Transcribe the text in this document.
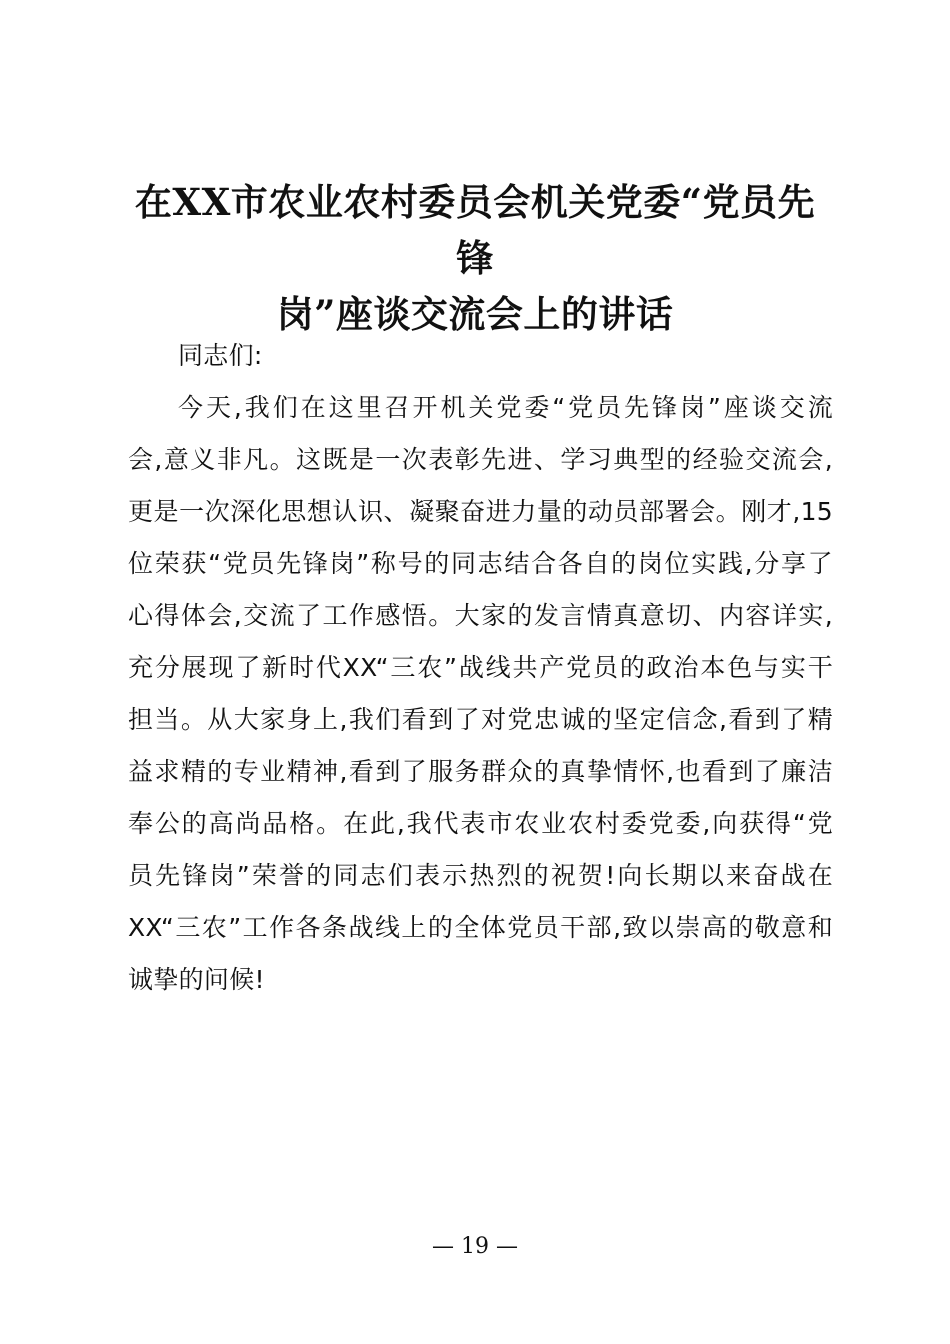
在XX市农业农村委员会机关党委“党员先锋
岗”座谈交流会上的讲话

同志们:

今天,我们在这里召开机关党委“党员先锋岗”座谈交流
会,意义非凡。这既是一次表彰先进、学习典型的经验交流会,
更是一次深化思想认识、凝聚奋进力量的动员部署会。刚才,15
位荣获“党员先锋岗”称号的同志结合各自的岗位实践,分享了
心得体会,交流了工作感悟。大家的发言情真意切、内容详实,
充分展现了新时代XX“三农”战线共产党员的政治本色与实干
担当。从大家身上,我们看到了对党忠诚的坚定信念,看到了精
益求精的专业精神,看到了服务群众的真挚情怀,也看到了廉洁
奉公的高尚品格。在此,我代表市农业农村委党委,向获得“党
员先锋岗”荣誉的同志们表示热烈的祝贺!向长期以来奋战在
XX“三农”工作各条战线上的全体党员干部,致以崇高的敬意和
诚挚的问候!

— 19 —
